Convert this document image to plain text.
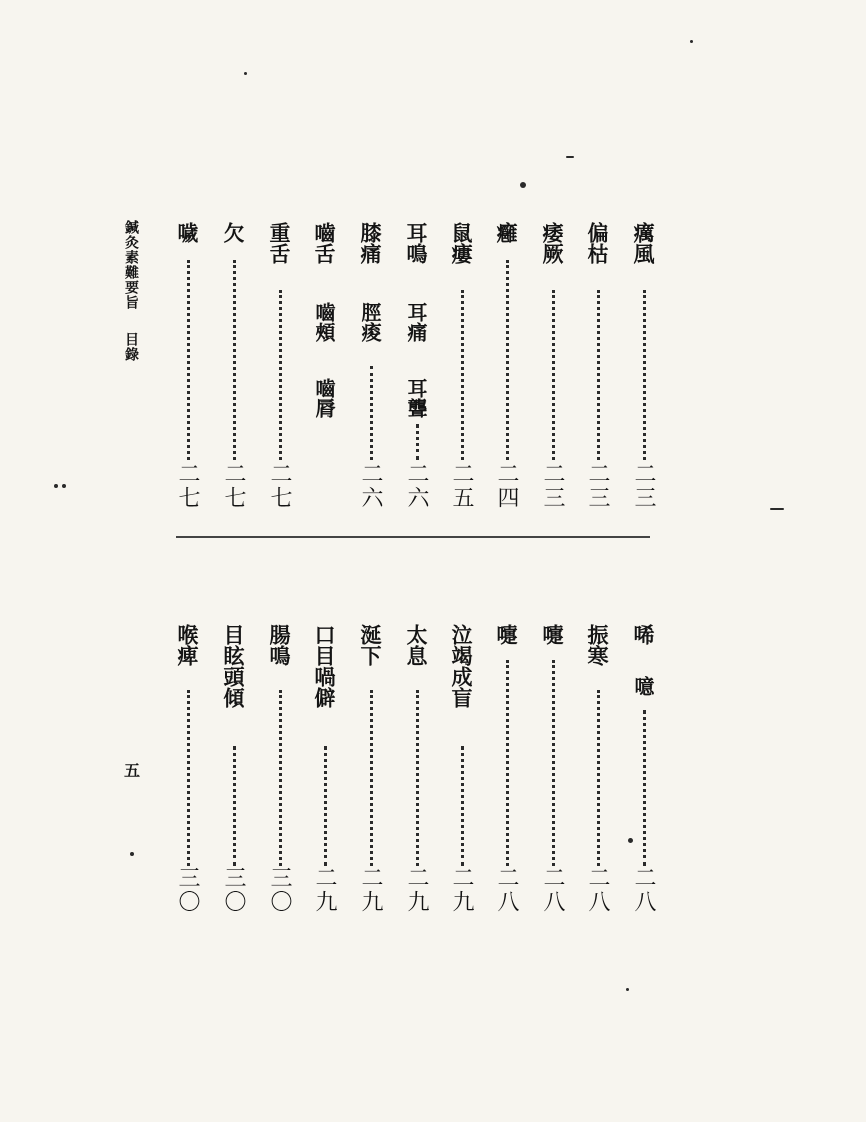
鍼灸素難要旨目錄
五
癘風
二三
偏枯
二三
痿厥
二三
癰
二四
鼠瘻
二五
耳鳴
耳痛
耳聾
二六
膝痛
脛痠
二六
嚙舌
嚙頰
嚙脣
重舌
二七
欠
二七
噦
二七
唏
噫
二八
振寒
二八
嚏
二八
嚏
二八
泣竭成盲
二九
太息
二九
涎下
二九
口目喎僻
二九
腸鳴
三〇
目眩頭傾
三〇
喉痺
三〇
